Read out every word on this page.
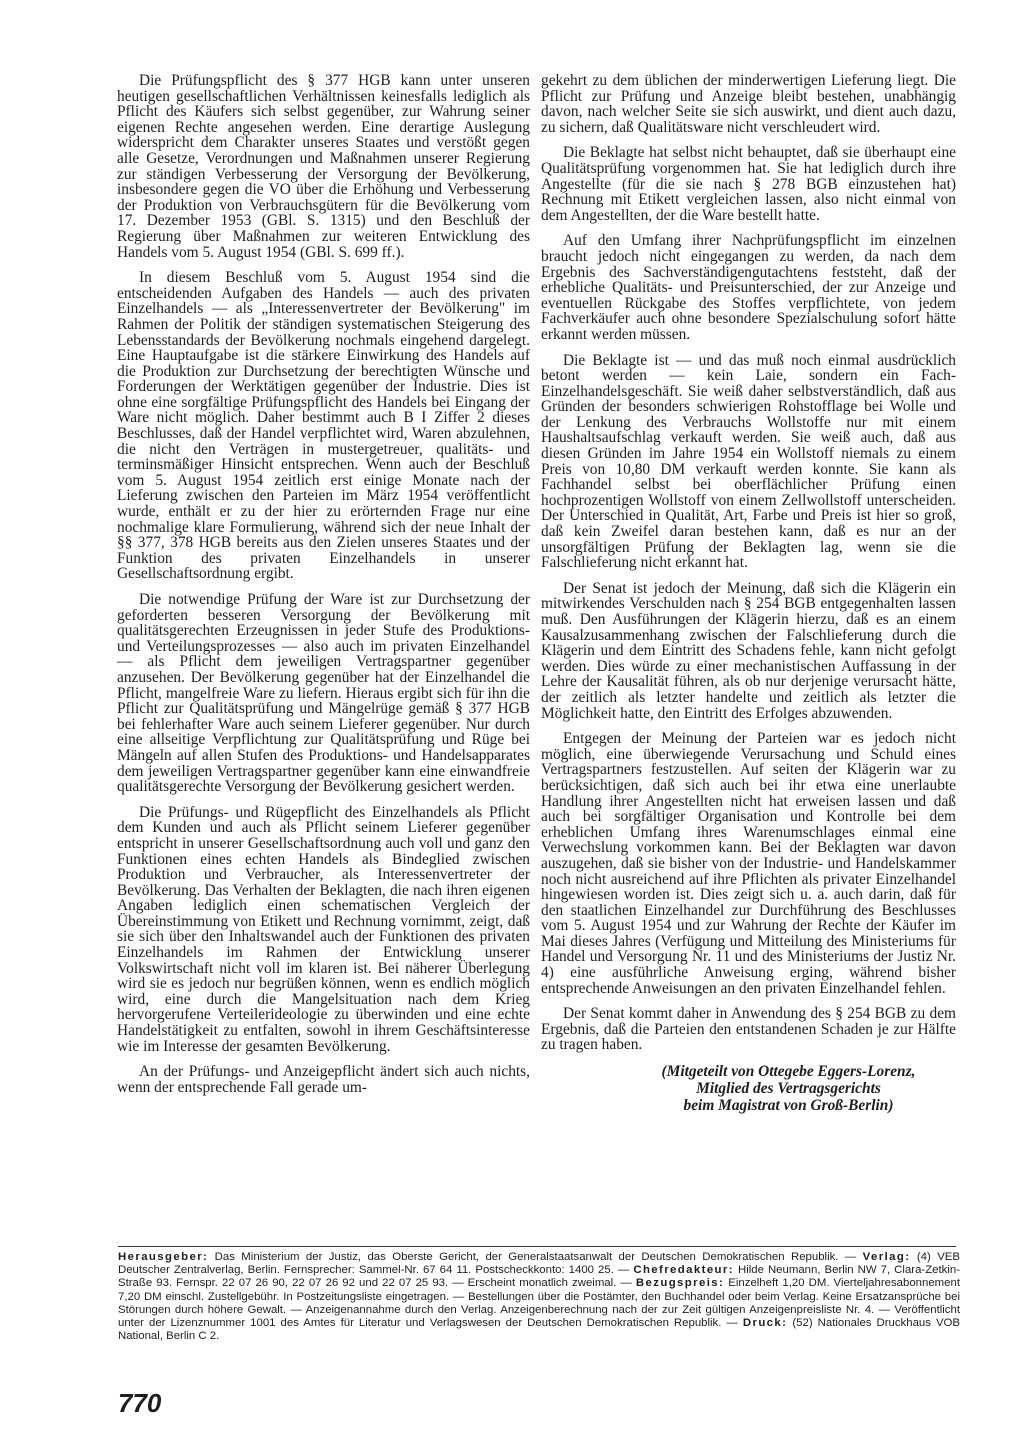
Die Prüfungspflicht des § 377 HGB kann unter unseren heutigen gesellschaftlichen Verhältnissen keinesfalls lediglich als Pflicht des Käufers sich selbst gegenüber, zur Wahrung seiner eigenen Rechte angesehen werden. Eine derartige Auslegung widerspricht dem Charakter unseres Staates und verstößt gegen alle Gesetze, Verordnungen und Maßnahmen unserer Regierung zur ständigen Verbesserung der Versorgung der Bevölkerung, insbesondere gegen die VO über die Erhöhung und Verbesserung der Produktion von Verbrauchsgütern für die Bevölkerung vom 17. Dezember 1953 (GBl. S. 1315) und den Beschluß der Regierung über Maßnahmen zur weiteren Entwicklung des Handels vom 5. August 1954 (GBl. S. 699 ff.).

In diesem Beschluß vom 5. August 1954 sind die entscheidenden Aufgaben des Handels — auch des privaten Einzelhandels — als „Interessenvertreter der Bevölkerung" im Rahmen der Politik der ständigen systematischen Steigerung des Lebensstandards der Bevölkerung nochmals eingehend dargelegt. Eine Hauptaufgabe ist die stärkere Einwirkung des Handels auf die Produktion zur Durchsetzung der berechtigten Wünsche und Forderungen der Werktätigen gegenüber der Industrie. Dies ist ohne eine sorgfältige Prüfungspflicht des Handels bei Eingang der Ware nicht möglich. Daher bestimmt auch B I Ziffer 2 dieses Beschlusses, daß der Handel verpflichtet wird, Waren abzulehnen, die nicht den Verträgen in mustergetreuer, qualitäts- und terminsmäßiger Hinsicht entsprechen. Wenn auch der Beschluß vom 5. August 1954 zeitlich erst einige Monate nach der Lieferung zwischen den Parteien im März 1954 veröffentlicht wurde, enthält er zu der hier zu erörternden Frage nur eine nochmalige klare Formulierung, während sich der neue Inhalt der §§ 377, 378 HGB bereits aus den Zielen unseres Staates und der Funktion des privaten Einzelhandels in unserer Gesellschaftsordnung ergibt.

Die notwendige Prüfung der Ware ist zur Durchsetzung der geforderten besseren Versorgung der Bevölkerung mit qualitätsgerechten Erzeugnissen in jeder Stufe des Produktions- und Verteilungsprozesses — also auch im privaten Einzelhandel — als Pflicht dem jeweiligen Vertragspartner gegenüber anzusehen. Der Bevölkerung gegenüber hat der Einzelhandel die Pflicht, mangelfreie Ware zu liefern. Hieraus ergibt sich für ihn die Pflicht zur Qualitätsprüfung und Mängelrüge gemäß § 377 HGB bei fehlerhafter Ware auch seinem Lieferer gegenüber. Nur durch eine allseitige Verpflichtung zur Qualitätsprüfung und Rüge bei Mängeln auf allen Stufen des Produktions- und Handelsapparates dem jeweiligen Vertragspartner gegenüber kann eine einwandfreie qualitätsgerechte Versorgung der Bevölkerung gesichert werden.

Die Prüfungs- und Rügepflicht des Einzelhandels als Pflicht dem Kunden und auch als Pflicht seinem Lieferer gegenüber entspricht in unserer Gesellschaftsordnung auch voll und ganz den Funktionen eines echten Handels als Bindeglied zwischen Produktion und Verbraucher, als Interessenvertreter der Bevölkerung. Das Verhalten der Beklagten, die nach ihren eigenen Angaben lediglich einen schematischen Vergleich der Übereinstimmung von Etikett und Rechnung vornimmt, zeigt, daß sie sich über den Inhaltswandel auch der Funktionen des privaten Einzelhandels im Rahmen der Entwicklung unserer Volkswirtschaft nicht voll im klaren ist. Bei näherer Überlegung wird sie es jedoch nur begrüßen können, wenn es endlich möglich wird, eine durch die Mangelsituation nach dem Krieg hervorgerufene Verteilerideologie zu überwinden und eine echte Handelstätigkeit zu entfalten, sowohl in ihrem Geschäftsinteresse wie im Interesse der gesamten Bevölkerung.

An der Prüfungs- und Anzeigepflicht ändert sich auch nichts, wenn der entsprechende Fall gerade um-

gekehrt zu dem üblichen der minderwertigen Lieferung liegt. Die Pflicht zur Prüfung und Anzeige bleibt bestehen, unabhängig davon, nach welcher Seite sie sich auswirkt, und dient auch dazu, zu sichern, daß Qualitätsware nicht verschleudert wird.

Die Beklagte hat selbst nicht behauptet, daß sie überhaupt eine Qualitätsprüfung vorgenommen hat. Sie hat lediglich durch ihre Angestellte (für die sie nach § 278 BGB einzustehen hat) Rechnung mit Etikett vergleichen lassen, also nicht einmal von dem Angestellten, der die Ware bestellt hatte.

Auf den Umfang ihrer Nachprüfungspflicht im einzelnen braucht jedoch nicht eingegangen zu werden, da nach dem Ergebnis des Sachverständigengutachtens feststeht, daß der erhebliche Qualitäts- und Preisunterschied, der zur Anzeige und eventuellen Rückgabe des Stoffes verpflichtete, von jedem Fachverkäufer auch ohne besondere Spezialschulung sofort hätte erkannt werden müssen.

Die Beklagte ist — und das muß noch einmal ausdrücklich betont werden — kein Laie, sondern ein Fach-Einzelhandelsgeschäft. Sie weiß daher selbstverständlich, daß aus Gründen der besonders schwierigen Rohstofflage bei Wolle und der Lenkung des Verbrauchs Wollstoffe nur mit einem Haushaltsaufschlag verkauft werden. Sie weiß auch, daß aus diesen Gründen im Jahre 1954 ein Wollstoff niemals zu einem Preis von 10,80 DM verkauft werden konnte. Sie kann als Fachhandel selbst bei oberflächlicher Prüfung einen hochprozentigen Wollstoff von einem Zellwollstoff unterscheiden. Der Unterschied in Qualität, Art, Farbe und Preis ist hier so groß, daß kein Zweifel daran bestehen kann, daß es nur an der unsorgfältigen Prüfung der Beklagten lag, wenn sie die Falschlieferung nicht erkannt hat.

Der Senat ist jedoch der Meinung, daß sich die Klägerin ein mitwirkendes Verschulden nach § 254 BGB entgegenhalten lassen muß. Den Ausführungen der Klägerin hierzu, daß es an einem Kausalzusammenhang zwischen der Falschlieferung durch die Klägerin und dem Eintritt des Schadens fehle, kann nicht gefolgt werden. Dies würde zu einer mechanistischen Auffassung in der Lehre der Kausalität führen, als ob nur derjenige verursacht hätte, der zeitlich als letzter handelte und zeitlich als letzter die Möglichkeit hatte, den Eintritt des Erfolges abzuwenden.

Entgegen der Meinung der Parteien war es jedoch nicht möglich, eine überwiegende Verursachung und Schuld eines Vertragspartners festzustellen. Auf seiten der Klägerin war zu berücksichtigen, daß sich auch bei ihr etwa eine unerlaubte Handlung ihrer Angestellten nicht hat erweisen lassen und daß auch bei sorgfältiger Organisation und Kontrolle bei dem erheblichen Umfang ihres Warenumschlages einmal eine Verwechslung vorkommen kann. Bei der Beklagten war davon auszugehen, daß sie bisher von der Industrie- und Handelskammer noch nicht ausreichend auf ihre Pflichten als privater Einzelhandel hingewiesen worden ist. Dies zeigt sich u. a. auch darin, daß für den staatlichen Einzelhandel zur Durchführung des Beschlusses vom 5. August 1954 und zur Wahrung der Rechte der Käufer im Mai dieses Jahres (Verfügung und Mitteilung des Ministeriums für Handel und Versorgung Nr. 11 und des Ministeriums der Justiz Nr. 4) eine ausführliche Anweisung erging, während bisher entsprechende Anweisungen an den privaten Einzelhandel fehlen.

Der Senat kommt daher in Anwendung des § 254 BGB zu dem Ergebnis, daß die Parteien den entstandenen Schaden je zur Hälfte zu tragen haben.

(Mitgeteilt von Ottegebe Eggers-Lorenz,
Mitglied des Vertragsgerichts
beim Magistrat von Groß-Berlin)
Herausgeber: Das Ministerium der Justiz, das Oberste Gericht, der Generalstaatsanwalt der Deutschen Demokratischen Republik. — Verlag: (4) VEB Deutscher Zentralverlag, Berlin. Fernsprecher: Sammel-Nr. 67 64 11. Postscheckkonto: 1400 25. — Chefredakteur: Hilde Neumann, Berlin NW 7, Clara-Zetkin-Straße 93. Fernspr. 22 07 26 90, 22 07 26 92 und 22 07 25 93. — Erscheint monatlich zweimal. — Bezugspreis: Einzelheft 1,20 DM. Vierteljahresabonnement 7,20 DM einschl. Zustellgebühr. In Postzeitungsliste eingetragen. — Bestellungen über die Postämter, den Buchhandel oder beim Verlag. Keine Ersatzansprüche bei Störungen durch höhere Gewalt. — Anzeigenannahme durch den Verlag. Anzeigenberechnung nach der zur Zeit gültigen Anzeigenpreisliste Nr. 4. — Veröffentlicht unter der Lizenznummer 1001 des Amtes für Literatur und Verlagswesen der Deutschen Demokratischen Republik. — Druck: (52) Nationales Druckhaus VOB National, Berlin C 2.
770
